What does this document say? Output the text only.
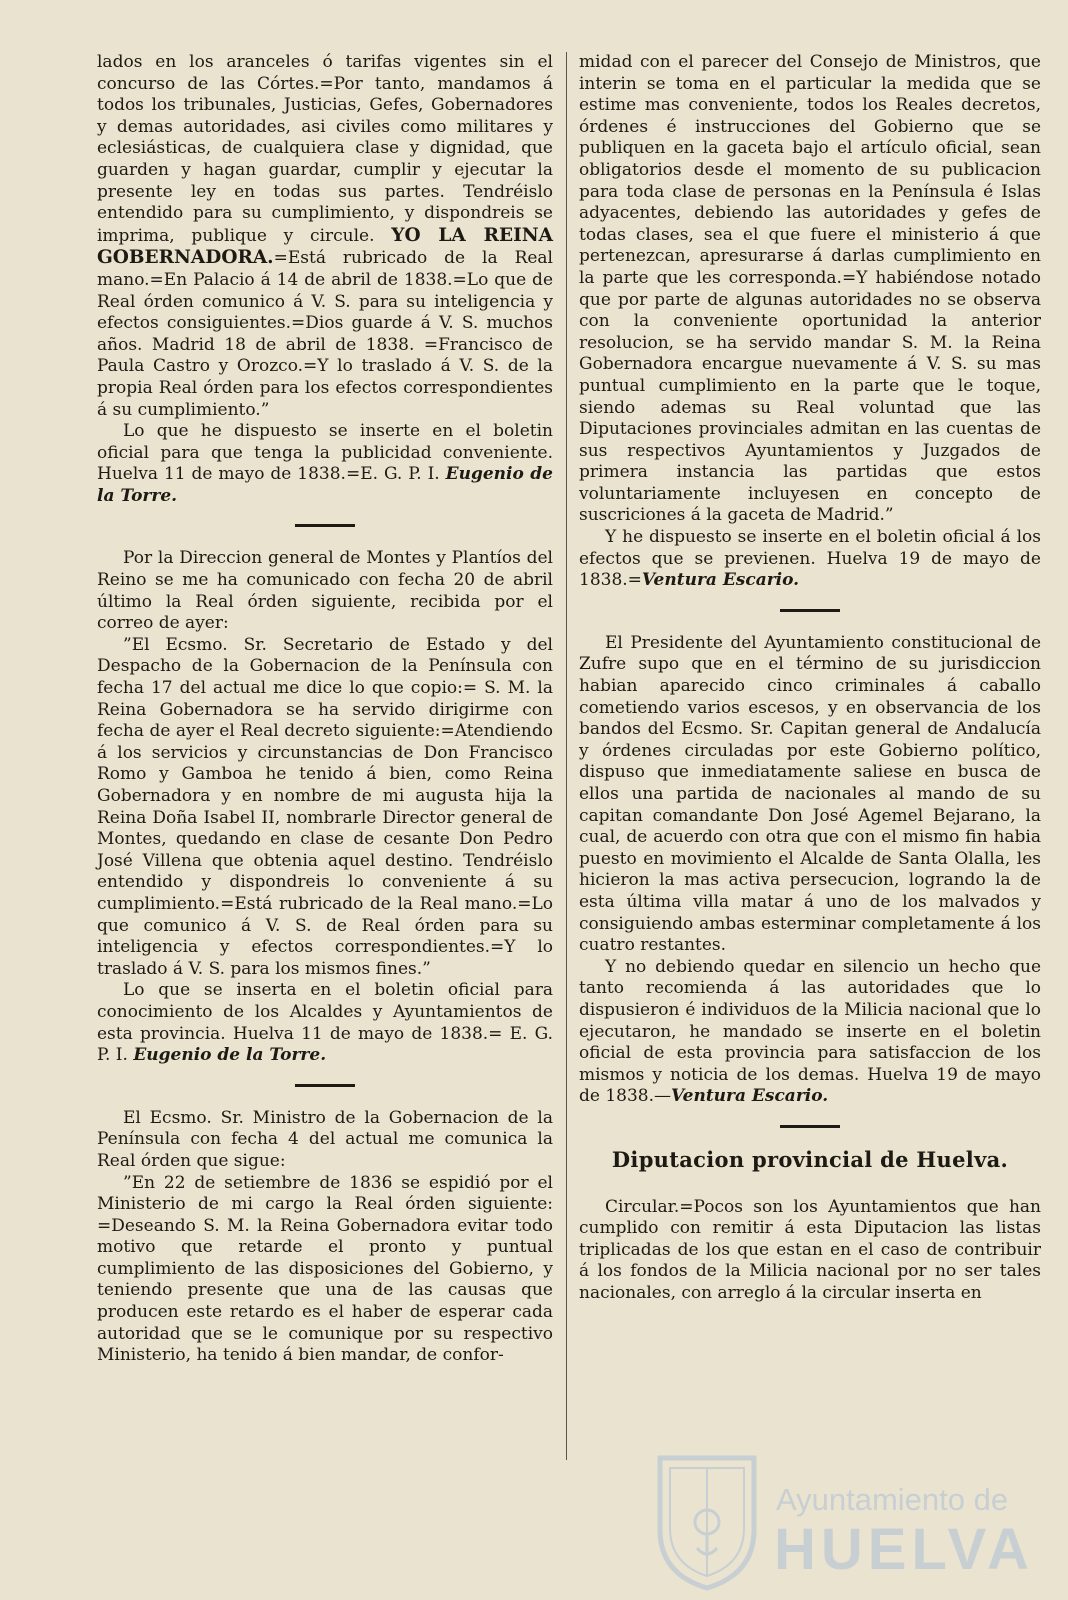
lados en los aranceles ó tarifas vigentes sin el concurso de las Córtes.=Por tanto, mandamos á todos los tribunales, Justicias, Gefes, Gobernadores y demas autoridades, asi civiles como militares y eclesiásticas, de cualquiera clase y dignidad, que guarden y hagan guardar, cumplir y ejecutar la presente ley en todas sus partes. Tendréislo entendido para su cumplimiento, y dispondreis se imprima, publique y circule. YO LA REINA GOBERNADORA.=Está rubricado de la Real mano.=En Palacio á 14 de abril de 1838.=Lo que de Real órden comunico á V. S. para su inteligencia y efectos consiguientes.=Dios guarde á V. S. muchos años. Madrid 18 de abril de 1838. =Francisco de Paula Castro y Orozco.=Y lo traslado á V. S. de la propia Real órden para los efectos correspondientes á su cumplimiento.”

Lo que he dispuesto se inserte en el boletin oficial para que tenga la publicidad conveniente. Huelva 11 de mayo de 1838.=E. G. P. I. Eugenio de la Torre.

Por la Direccion general de Montes y Plantíos del Reino se me ha comunicado con fecha 20 de abril último la Real órden siguiente, recibida por el correo de ayer:

”El Ecsmo. Sr. Secretario de Estado y del Despacho de la Gobernacion de la Península con fecha 17 del actual me dice lo que copio:= S. M. la Reina Gobernadora se ha servido dirigirme con fecha de ayer el Real decreto siguiente:=Atendiendo á los servicios y circunstancias de Don Francisco Romo y Gamboa he tenido á bien, como Reina Gobernadora y en nombre de mi augusta hija la Reina Doña Isabel II, nombrarle Director general de Montes, quedando en clase de cesante Don Pedro José Villena que obtenia aquel destino. Tendréislo entendido y dispondreis lo conveniente á su cumplimiento.=Está rubricado de la Real mano.=Lo que comunico á V. S. de Real órden para su inteligencia y efectos correspondientes.=Y lo traslado á V. S. para los mismos fines.”

Lo que se inserta en el boletin oficial para conocimiento de los Alcaldes y Ayuntamientos de esta provincia. Huelva 11 de mayo de 1838.= E. G. P. I. Eugenio de la Torre.

El Ecsmo. Sr. Ministro de la Gobernacion de la Península con fecha 4 del actual me comunica la Real órden que sigue:

”En 22 de setiembre de 1836 se espidió por el Ministerio de mi cargo la Real órden siguiente: =Deseando S. M. la Reina Gobernadora evitar todo motivo que retarde el pronto y puntual cumplimiento de las disposiciones del Gobierno, y teniendo presente que una de las causas que producen este retardo es el haber de esperar cada autoridad que se le comunique por su respectivo Ministerio, ha tenido á bien mandar, de confor-

midad con el parecer del Consejo de Ministros, que interin se toma en el particular la medida que se estime mas conveniente, todos los Reales decretos, órdenes é instrucciones del Gobierno que se publiquen en la gaceta bajo el artículo oficial, sean obligatorios desde el momento de su publicacion para toda clase de personas en la Península é Islas adyacentes, debiendo las autoridades y gefes de todas clases, sea el que fuere el ministerio á que pertenezcan, apresurarse á darlas cumplimiento en la parte que les corresponda.=Y habiéndose notado que por parte de algunas autoridades no se observa con la conveniente oportunidad la anterior resolucion, se ha servido mandar S. M. la Reina Gobernadora encargue nuevamente á V. S. su mas puntual cumplimiento en la parte que le toque, siendo ademas su Real voluntad que las Diputaciones provinciales admitan en las cuentas de sus respectivos Ayuntamientos y Juzgados de primera instancia las partidas que estos voluntariamente incluyesen en concepto de suscriciones á la gaceta de Madrid.”

Y he dispuesto se inserte en el boletin oficial á los efectos que se previenen. Huelva 19 de mayo de 1838.=Ventura Escario.

El Presidente del Ayuntamiento constitucional de Zufre supo que en el término de su jurisdiccion habian aparecido cinco criminales á caballo cometiendo varios escesos, y en observancia de los bandos del Ecsmo. Sr. Capitan general de Andalucía y órdenes circuladas por este Gobierno político, dispuso que inmediatamente saliese en busca de ellos una partida de nacionales al mando de su capitan comandante Don José Agemel Bejarano, la cual, de acuerdo con otra que con el mismo fin habia puesto en movimiento el Alcalde de Santa Olalla, les hicieron la mas activa persecucion, logrando la de esta última villa matar á uno de los malvados y consiguiendo ambas esterminar completamente á los cuatro restantes.

Y no debiendo quedar en silencio un hecho que tanto recomienda á las autoridades que lo dispusieron é individuos de la Milicia nacional que lo ejecutaron, he mandado se inserte en el boletin oficial de esta provincia para satisfaccion de los mismos y noticia de los demas. Huelva 19 de mayo de 1838.—Ventura Escario.

Diputacion provincial de Huelva.

Circular.=Pocos son los Ayuntamientos que han cumplido con remitir á esta Diputacion las listas triplicadas de los que estan en el caso de contribuir á los fondos de la Milicia nacional por no ser tales nacionales, con arreglo á la circular inserta en

Ayuntamiento de
HUELVA
